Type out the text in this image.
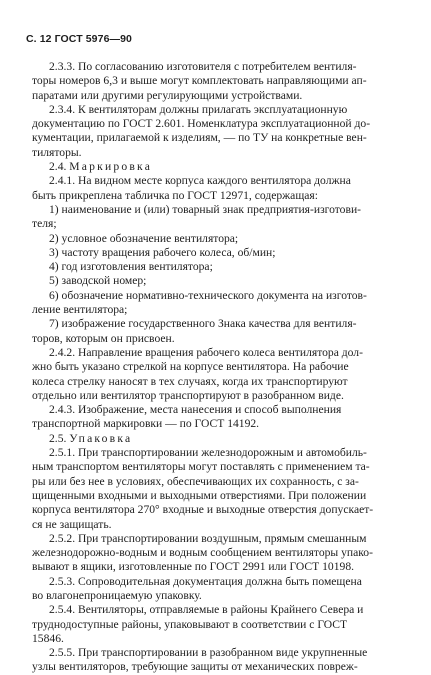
С. 12 ГОСТ 5976—90
2.3.3. По согласованию изготовителя с потребителем вентиля-
торы номеров 6,3 и выше могут комплектовать направляющими ап-
паратами или другими регулирующими устройствами.
2.3.4. К вентиляторам должны прилагать эксплуатационную
документацию по ГОСТ 2.601. Номенклатура эксплуатационной до-
кументации, прилагаемой к изделиям, — по ТУ на конкретные вен-
тиляторы.
2.4. Маркировка
2.4.1. На видном месте корпуса каждого вентилятора должна
быть прикреплена табличка по ГОСТ 12971, содержащая:
1) наименование и (или) товарный знак предприятия-изготови-
теля;
2) условное обозначение вентилятора;
3) частоту вращения рабочего колеса, об/мин;
4) год изготовления вентилятора;
5) заводской номер;
6) обозначение нормативно-технического документа на изготов-
ление вентилятора;
7) изображение государственного Знака качества для вентиля-
торов, которым он присвоен.
2.4.2. Направление вращения рабочего колеса вентилятора дол-
жно быть указано стрелкой на корпусе вентилятора. На рабочие
колеса стрелку наносят в тех случаях, когда их транспортируют
отдельно или вентилятор транспортируют в разобранном виде.
2.4.3. Изображение, места нанесения и способ выполнения
транспортной маркировки — по ГОСТ 14192.
2.5. Упаковка
2.5.1. При транспортировании железнодорожным и автомобиль-
ным транспортом вентиляторы могут поставлять с применением та-
ры или без нее в условиях, обеспечивающих их сохранность, с за-
щищенными входными и выходными отверстиями. При положении
корпуса вентилятора 270° входные и выходные отверстия допускает-
ся не защищать.
2.5.2. При транспортировании воздушным, прямым смешанным
железнодорожно-водным и водным сообщением вентиляторы упако-
вывают в ящики, изготовленные по ГОСТ 2991 или ГОСТ 10198.
2.5.3. Сопроводительная документация должна быть помещена
во влагонепроницаемую упаковку.
2.5.4. Вентиляторы, отправляемые в районы Крайнего Севера и
труднодоступные районы, упаковывают в соответствии с ГОСТ
15846.
2.5.5. При транспортировании в разобранном виде укрупненные
узлы вентиляторов, требующие защиты от механических повреж-
